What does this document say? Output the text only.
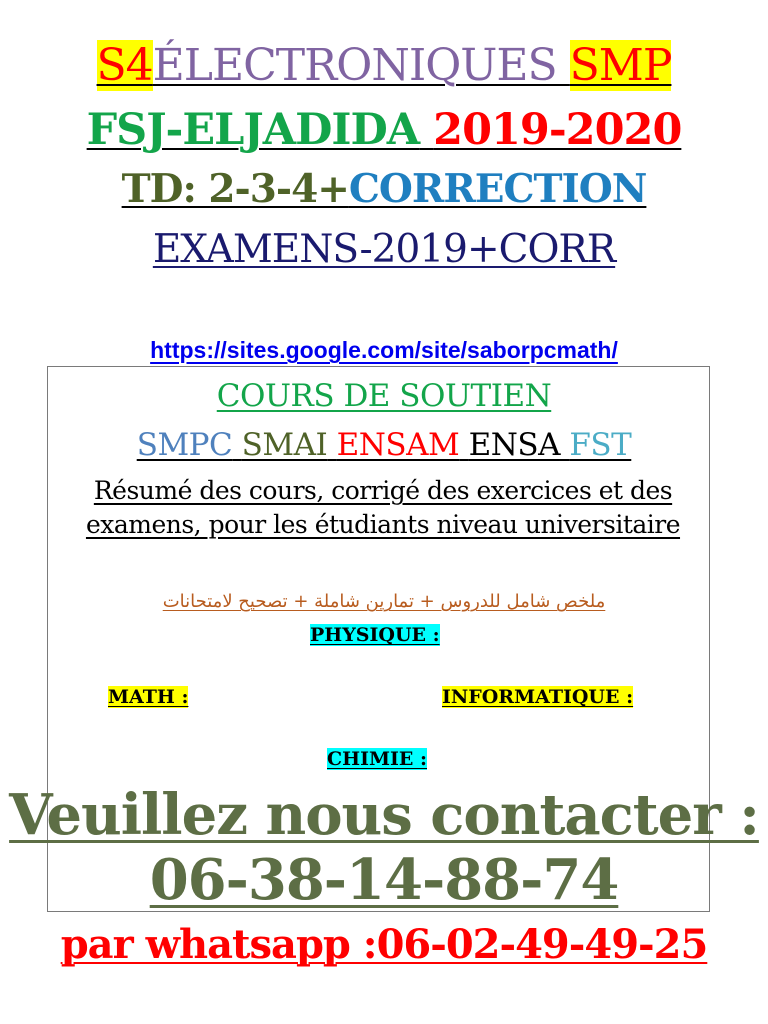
S4ÉLECTRONIQUES SMP
FSJ-ELJADIDA 2019-2020
TD: 2-3-4+CORRECTION
EXAMENS-2019+CORR
https://sites.google.com/site/saborpcmath/
COURS DE SOUTIEN
SMPC SMAI ENSAM ENSA FST
Résumé des cours, corrigé des exercices et des examens, pour les étudiants niveau universitaire
ملخص شامل للدروس + تمارين شاملة + تصحيح لامتحانات
PHYSIQUE :
MATH :	INFORMATIQUE :
CHIMIE :
Veuillez nous contacter :
06-38-14-88-74
par whatsapp :06-02-49-49-25
